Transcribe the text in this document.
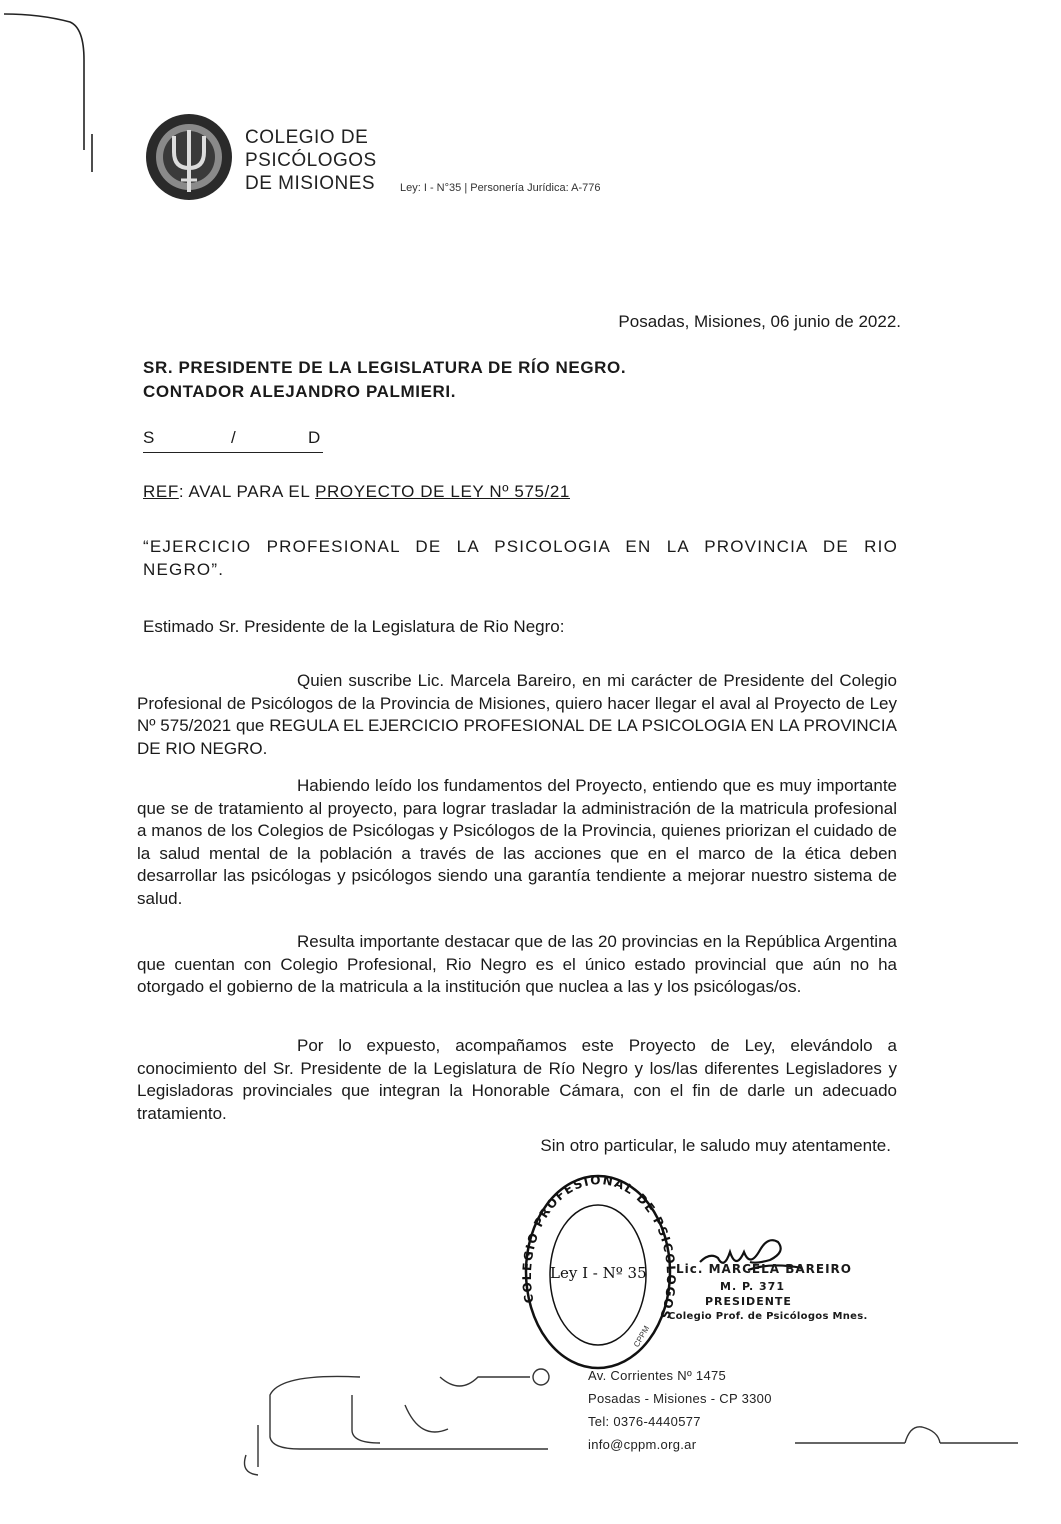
COLEGIO DE
PSICÓLOGOS
DE MISIONES Ley: I - N°35 | Personería Jurídica: A-776
Posadas, Misiones, 06 junio de 2022.
SR. PRESIDENTE DE LA LEGISLATURA DE RÍO NEGRO.
CONTADOR ALEJANDRO PALMIERI.
S	/	D
REF: AVAL PARA EL PROYECTO DE LEY Nº 575/21
“EJERCICIO PROFESIONAL DE LA PSICOLOGIA EN LA PROVINCIA DE RIO NEGRO”.
Estimado Sr. Presidente de la Legislatura de Rio Negro:
Quien suscribe Lic. Marcela Bareiro, en mi carácter de Presidente del Colegio Profesional de Psicólogos de la Provincia de Misiones, quiero hacer llegar el aval al Proyecto de Ley Nº 575/2021 que REGULA EL EJERCICIO PROFESIONAL DE LA PSICOLOGIA EN LA PROVINCIA DE RIO NEGRO.
Habiendo leído los fundamentos del Proyecto, entiendo que es muy importante que se de tratamiento al proyecto, para lograr trasladar la administración de la matricula profesional a manos de los Colegios de Psicólogas y Psicólogos de la Provincia, quienes priorizan el cuidado de la salud mental de la población a través de las acciones que en el marco de la ética deben desarrollar las psicólogas y psicólogos siendo una garantía tendiente a mejorar nuestro sistema de salud.
Resulta importante destacar que de las 20 provincias en la República Argentina que cuentan con Colegio Profesional, Rio Negro es el único estado provincial que aún no ha otorgado el gobierno de la matricula a la institución que nuclea a las y los psicólogas/os.
Por lo expuesto, acompañamos este Proyecto de Ley, elevándolo a conocimiento del Sr. Presidente de la Legislatura de Río Negro y los/las diferentes Legisladores y Legisladoras provinciales que integran la Honorable Cámara, con el fin de darle un adecuado tratamiento.
Sin otro particular, le saludo muy atentamente.
COLEGIO PROFESIONAL DE PSICOLOGOS
Ley I - Nº 35
CPPM
Lic. MARCELA BAREIRO
M. P. 371
PRESIDENTE
Colegio Prof. de Psicólogos Mnes.
Av. Corrientes Nº 1475
Posadas - Misiones - CP 3300
Tel: 0376-4440577
info@cppm.org.ar
